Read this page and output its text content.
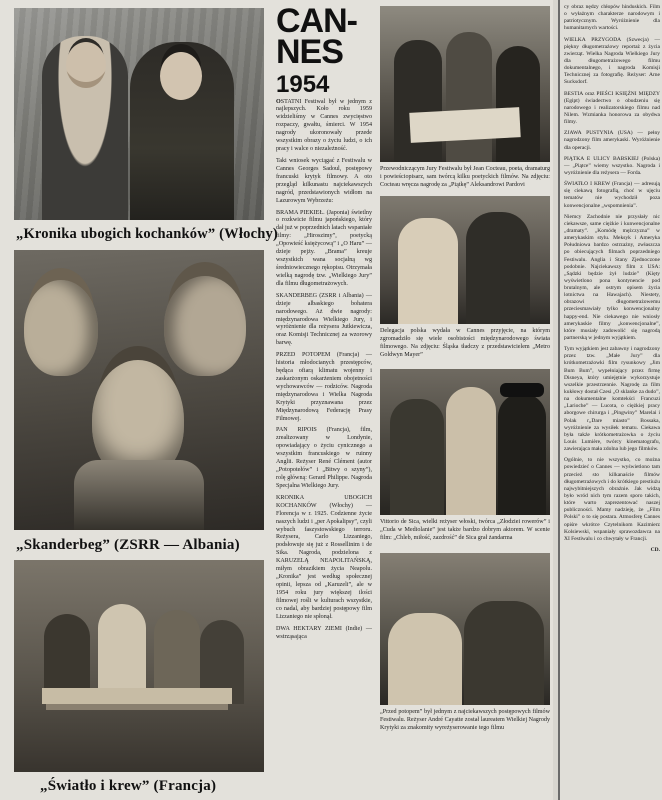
„Kronika ubogich kochanków” (Włochy)
„Skanderbeg” (ZSRR — Albania)
„Światło i krew” (Francja)
CAN-
NES
1954

OSTATNI Festiwal był w jednym z najlepszych. Koło roku 1959 widzieliśmy w Cannes zwycięstwo rozpaczy, gwałtu, śmierci. W 1954 nagrody ukoronowały przede wszystkim obrazy o życiu ludzi, o ich pracy i walce o niezależność.

Taki wniosek wyciągać z Festiwalu w Cannes Georges Sadoul, postępowy francuski krytyk filmowy. A oto przegląd kilkunastu najciekawszych nagród, przedstawionych widłom na Lazurowym Wybrzeżu:

BRAMA PIEKIEŁ. (Japonia) świetlny o rozkwicie filmu japońskiego, który dał już w poprzednich latach wspaniałe filmy: „Hiroszimy”, poetycką „Opowieść księżycową” i „O Haru” — dzieje pejży. „Brama” kreuje wszystkich wana socjalną wg średniowiecznego rękopisu. Otrzymała wielką nagrodę tzw. „Wielkiego Jury” dla filmu długometrażowych.

SKANDERBEG (ZSRR i Albania) — dzieje albaskiego bohatera narodowego. Aż dwie nagrody: międzynarodowa Wielkiego Jury, i wyróżnienie dla reżysera Jutkiewicza, oraz Komisji Technicznej za wzorowy barwę.

PRZED POTOPEM (Francja) — historia młodocianych przestępców, będąca ofiarą klimatu wojenny i zaskarżonym oskarżeniem obojetności wychowawców — rodziców. Nagroda międzynarodowa i Wielka Nagroda Krytyki przyznawana przez Międzynarodową Federację Prasy Filmowej.

PAN RIPOIS (Francja), film, zrealizowany w Londynie, opowiadający o życiu cynicznego a wszystkim francuskiego w ruinny Anglii. Reżyser René Clément (autor „Potopotełów” i „Bitwy o szyny”), rolę główną: Gerard Philippe. Nagroda Specjalna Wielkiego Jury.

KRONIKA UBOGICH KOCHANKÓW (Włochy) — Florencja w r. 1925. Codzienne życie naszych ludzi i „per Apokalipsy”, czyli wybuch faszystowskiego terroru. Reżysera, Carlo Lizzaniego, podsłowuje się już z Rossellinim i de Sika. Nagroda, podzielona z KARUZELĄ NEAPOLITAŃSKĄ, miłym obrazikiem życia Neapolu. „Kronika” jest według społecznej opinii, lepsza od „Karuzeli”, ale w 1954 roku jury większej ilości filmowej rośli w kulturach wszystkie, co nadal, aby bardziej postępowy film Lizzaniego nie spłonął.

DWA HEKTARY ZIEMI (Indie) — wstrząsająca

Przewodniczącym Jury Festiwalu był Jean Cocteau, poeta, dramaturg i powieściopisarz, sam twórcą kilku poetyckich filmów. Na zdjęciu: Cocteau wręcza nagrodę za „Piątkę” Aleksandrowi Pardovi
Delegacja polska wydała w Cannes przyjęcie, na którym zgromadziło się wiele osobistości międzynarodowego świata filmowego. Na zdjęciu: Śląska tładczy z przedstawicielem „Metro Goldwyn Mayer”
Vittorio de Sica, wielki reżyser włoski, twórca „Złodziei rowerów” i „Cuda w Mediolanie” jest także bardzo dobrym aktorem. W scenie film: „Chleb, miłość, zazdrość” de Sica grał żandarma
„Przed potopem” był jednym z najciekawszych postępowych filmów Festiwalu. Reżyser André Cayatte został laureatem Wielkiej Nagrody Krytyki za znakomity wyreżyserowanie tego filmu

cy obraz nędzy chłopów hinduskich. Film o wyłażnym charakterze narodowym i patriotycznym. Wyróżnienie dla humanitarnych wartości.

WIELKA PRZYGODA (Szwecja) — piękny długometrażowy reportaż z życia zwierząt. Wielka Nagroda Wielkiego Jury dla długometrażowego filmu dokumentalnego, i nagroda Komisji Technicznej za fotografię. Reżyser: Arne Sucksdorf.

BESTIA oraz PIEŚCI KSIĘŻNI MIĘDZY (Egipt) świadectwo o obudzeniu się narodowego i realizatorskiego filmu nad Nilem. Wzmianka honorowa za obydwa filmy.

ZJAWA PUSTYNIA (USA) — pełny nagrodzony film amerykaski. Wyróżnienie dla operacji.

PIĄTKA E ULICY BABSKIEJ (Polska) — „Piątce” wiemy wszystko. Nagroda i wyróżnienie dla reżysera — Forda.

ŚWIATŁO I KREW (Francja) — adresują się ciekawą fotografią, choć w ujęciu tematów nie wychodził poza konwencjonalne „wspomnienia”.

Niemcy Zachodnie nie przysłały nic ciekawsze, same ciężkie i kunwencjonalne „dramaty”. „Komódę mężczyzna” w amerykaskim stylu. Meksyk i Ameryka Południowa bardzo ostrzażny, zwłaszcza po obiecujących filmach poprzedniego Festiwalu. Anglia i Stany Zjednoczone podobnie. Najciekawszy film z USA: „Sądzki będzie żył ludzie” (Kięty wyświetlono pona kontynencie pod brutalnym, ale ostrym opisem życia lotnictwa na Hawajach). Niestety, obrazowi długometrażowemu przeciesmawiały tylko konwencjonalny happy-end. Nie ciekawego nie wniosły amerykaskie filmy „konwencjonalne”, które musiały zadowolić się nagrodą partnerską w jednym wyjątkiem.

Tym wyjątkiem jest zabawny i nagrodzony przez tzw. „Małe Jury” dla krótkometrażowki film rysunkowy „Jim Bum Bum”, wypełniający przez firmę Disneya, który umiejętnie wykorzystuje wszelkie przestrzennie. Nagrodę za film kukłowy dostał Czesi „O sklanke za dudo”, na dokumentalne komtekści Francuzi „Larioche” — Lucota, o ciężkiej pracy aborgowe chirurga i „Pingwiny” Marelai i Polak r„Dare miasto” Bossaka, wyróżnienie za wysiłek tematu. Ciekawa była także krótkometrażowka o życiu Louis Lumière, twórcy kinematografu, zawierająca mała zdolna lub jego filmków.

Ogólnie, to nie wszystko, co można powiedzieć o Cannes — wyświetlono tam przecież sto kilkanaście filmów długometrażowych i do krótkiego prestiużu najwybitniejszych obrażnie. Jak widzą było wród nich tym razem sporo takich, które warto zaprezentować naszej publiczności. Mamy nadzieję, że „Film Polski” o to się postara. Atmosferę Cannes opiśre wkrótce Czytelnikom Kazimierz Kolsiewski, wspaniały sprawozdawca na XI Festiwalu i co chwytały w Francji.

CD.
